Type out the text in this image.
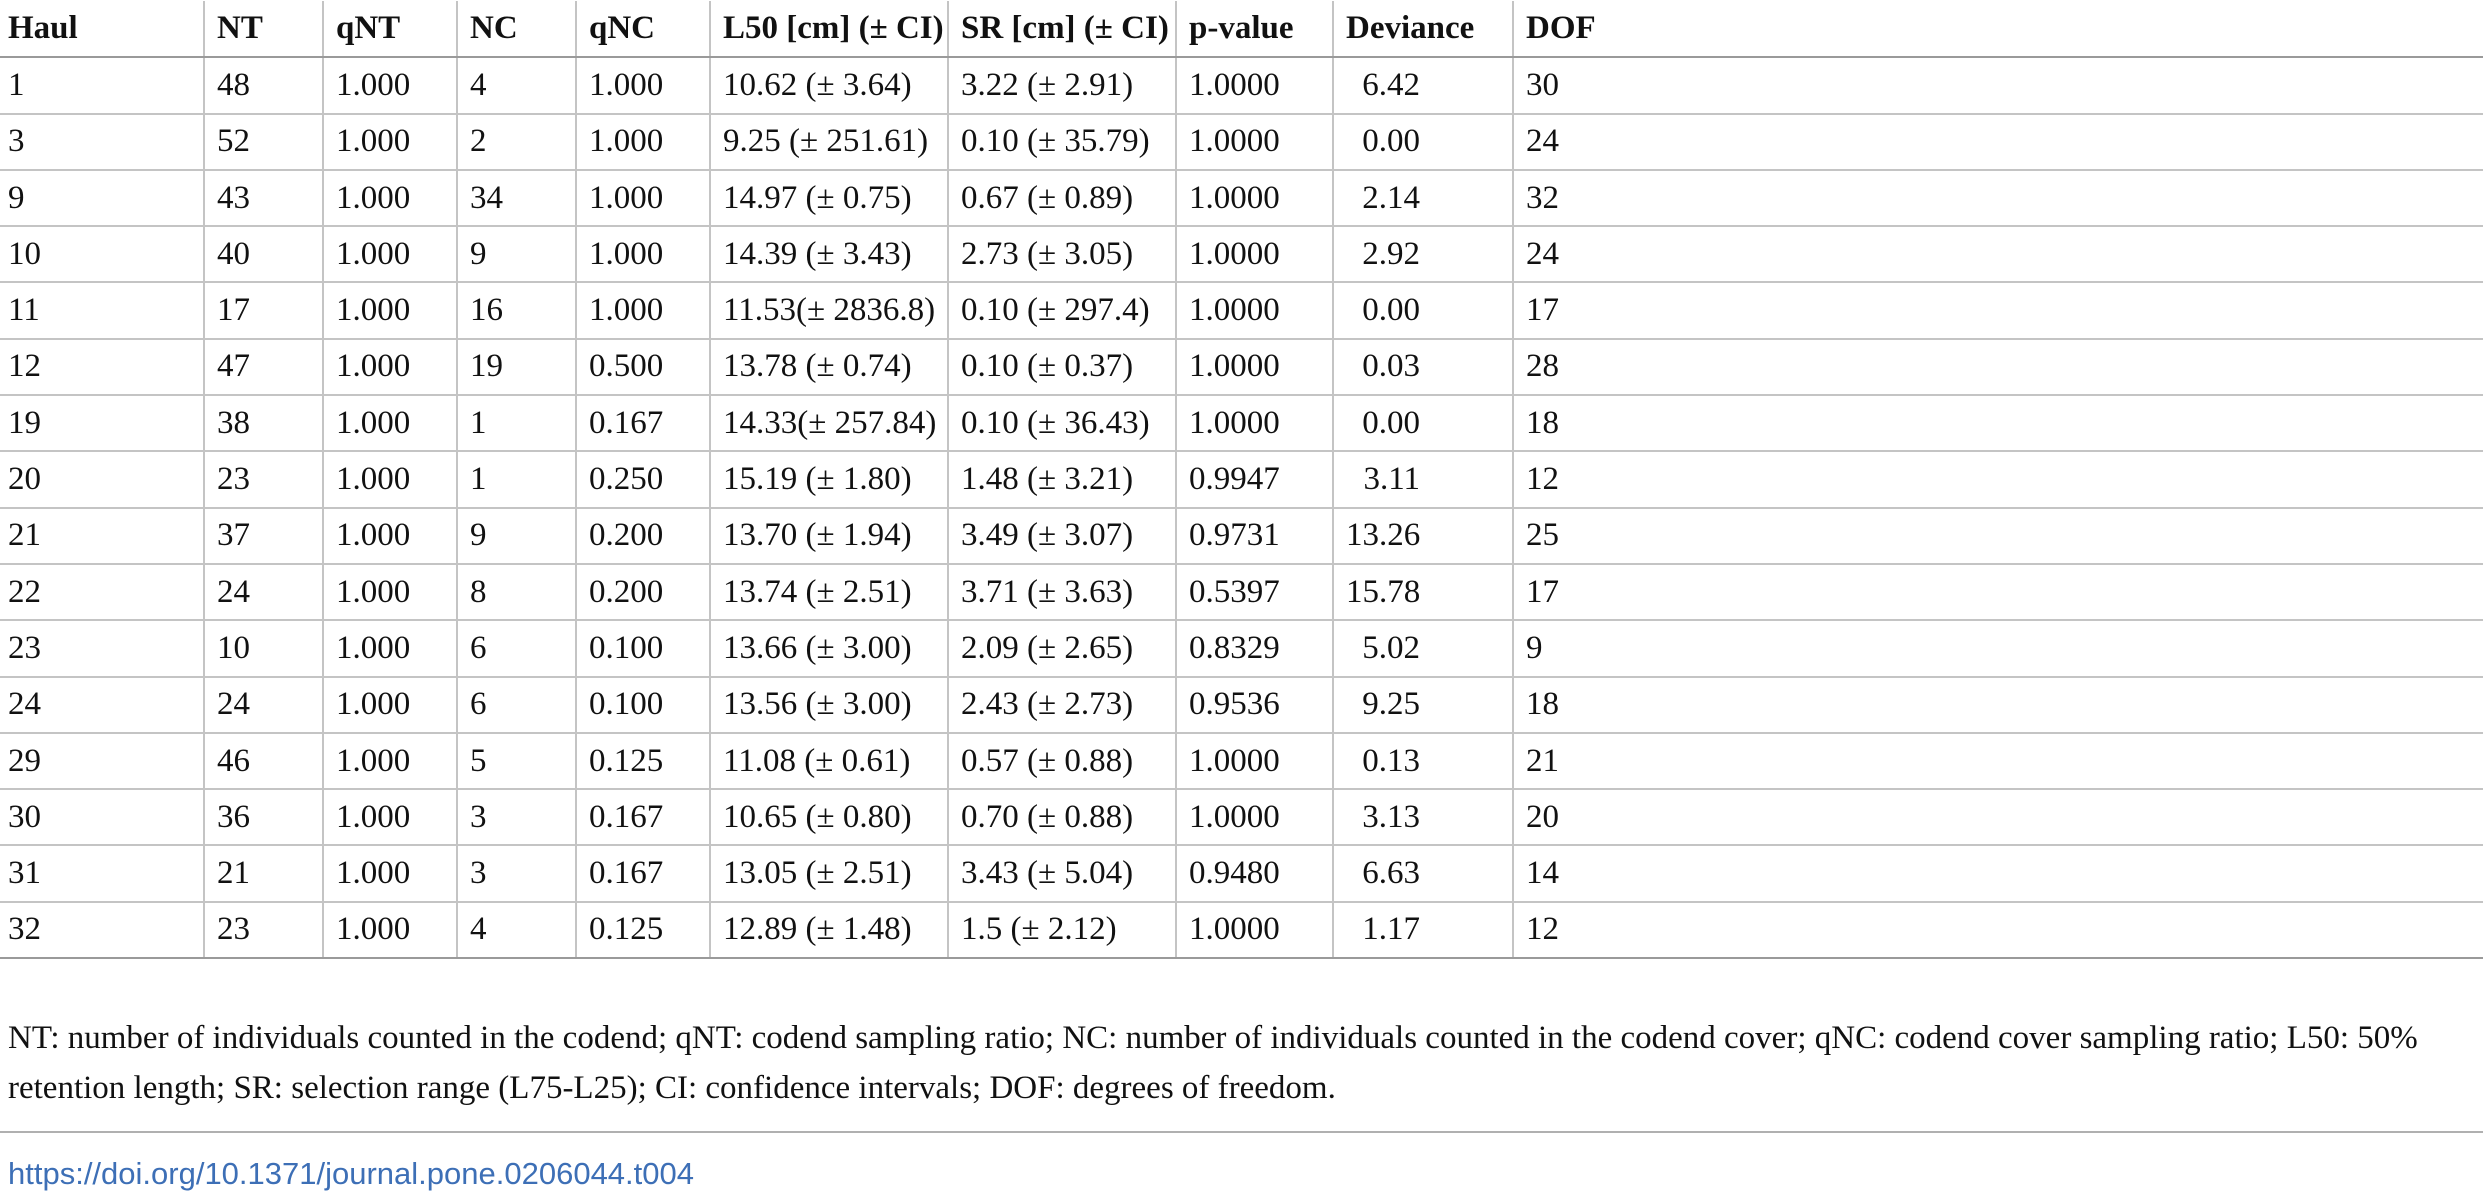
Haul	NT	qNT	NC	qNC	L50 [cm] (± CI)	SR [cm] (± CI)	p-value	Deviance	DOF
1	48	1.000	4	1.000	10.62 (± 3.64)	3.22 (± 2.91)	1.0000	6.42	30
3	52	1.000	2	1.000	9.25 (± 251.61)	0.10 (± 35.79)	1.0000	0.00	24
9	43	1.000	34	1.000	14.97 (± 0.75)	0.67 (± 0.89)	1.0000	2.14	32
10	40	1.000	9	1.000	14.39 (± 3.43)	2.73 (± 3.05)	1.0000	2.92	24
11	17	1.000	16	1.000	11.53(± 2836.8)	0.10 (± 297.4)	1.0000	0.00	17
12	47	1.000	19	0.500	13.78 (± 0.74)	0.10 (± 0.37)	1.0000	0.03	28
19	38	1.000	1	0.167	14.33(± 257.84)	0.10 (± 36.43)	1.0000	0.00	18
20	23	1.000	1	0.250	15.19 (± 1.80)	1.48 (± 3.21)	0.9947	3.11	12
21	37	1.000	9	0.200	13.70 (± 1.94)	3.49 (± 3.07)	0.9731	13.26	25
22	24	1.000	8	0.200	13.74 (± 2.51)	3.71 (± 3.63)	0.5397	15.78	17
23	10	1.000	6	0.100	13.66 (± 3.00)	2.09 (± 2.65)	0.8329	5.02	9
24	24	1.000	6	0.100	13.56 (± 3.00)	2.43 (± 2.73)	0.9536	9.25	18
29	46	1.000	5	0.125	11.08 (± 0.61)	0.57 (± 0.88)	1.0000	0.13	21
30	36	1.000	3	0.167	10.65 (± 0.80)	0.70 (± 0.88)	1.0000	3.13	20
31	21	1.000	3	0.167	13.05 (± 2.51)	3.43 (± 5.04)	0.9480	6.63	14
32	23	1.000	4	0.125	12.89 (± 1.48)	1.5 (± 2.12)	1.0000	1.17	12

NT: number of individuals counted in the codend; qNT: codend sampling ratio; NC: number of individuals counted in the codend cover; qNC: codend cover sampling ratio; L50: 50% retention length; SR: selection range (L75-L25); CI: confidence intervals; DOF: degrees of freedom.

https://doi.org/10.1371/journal.pone.0206044.t004
